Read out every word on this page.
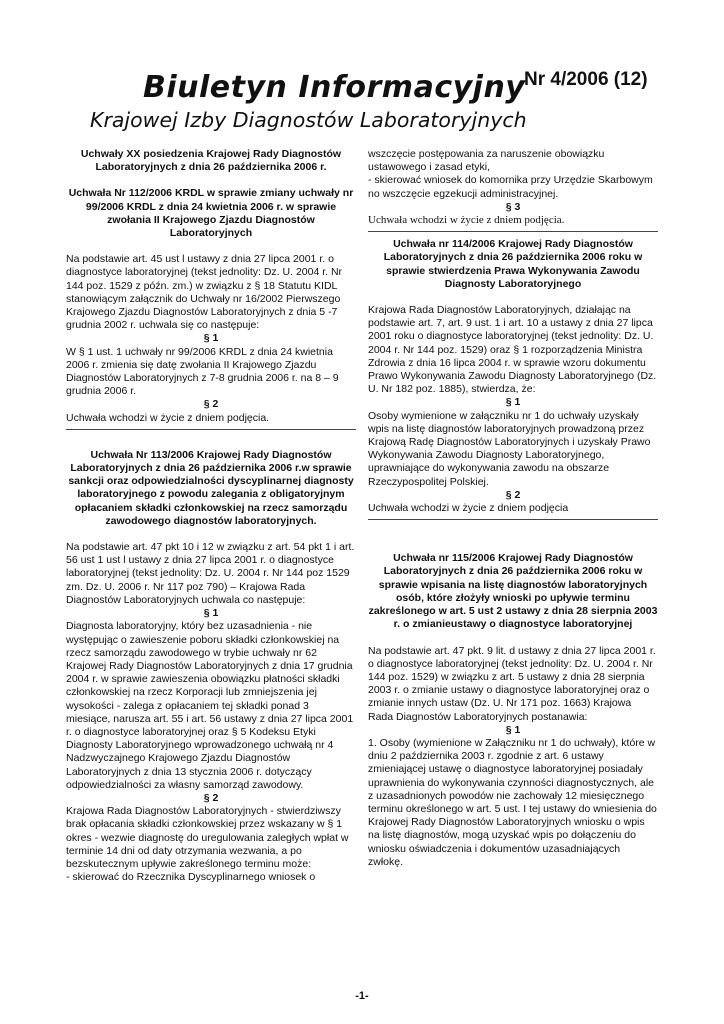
Biuletyn Informacyjny
Nr 4/2006 (12)
Krajowej Izby Diagnostów Laboratoryjnych

Uchwały XX posiedzenia Krajowej Rady Diagnostów Laboratoryjnych z dnia 26 października 2006 r.

Uchwała Nr 112/2006 KRDL w sprawie zmiany uchwały nr 99/2006 KRDL z dnia 24 kwietnia 2006 r. w sprawie zwołania II Krajowego Zjazdu Diagnostów Laboratoryjnych

Na podstawie art. 45 ust l ustawy z dnia 27 lipca 2001 r. o diagnostyce laboratoryjnej (tekst jednolity: Dz. U. 2004 r. Nr 144 poz. 1529 z późn. zm.) w związku z § 18 Statutu KIDL stanowiącym załącznik do Uchwały nr 16/2002 Pierwszego Krajowego Zjazdu Diagnostów Laboratoryjnych z dnia 5 -7 grudnia 2002 r. uchwala się co następuje:

§ 1

W § 1 ust. 1 uchwały nr 99/2006 KRDL z dnia 24 kwietnia 2006 r. zmienia się datę zwołania II Krajowego Zjazdu Diagnostów Laboratoryjnych z 7-8 grudnia 2006 r. na 8 – 9 grudnia 2006 r.

§ 2

Uchwała wchodzi w życie z dniem podjęcia.

Uchwała Nr 113/2006 Krajowej Rady Diagnostów Laboratoryjnych z dnia 26 października 2006 r.w sprawie sankcji oraz odpowiedzialności dyscyplinarnej diagnosty laboratoryjnego z powodu zalegania z obligatoryjnym opłacaniem składki członkowskiej na rzecz samorządu zawodowego diagnostów laboratoryjnych.

Na podstawie art. 47 pkt 10 i 12 w związku z art. 54 pkt 1 i art. 56 ust 1 ust l ustawy z dnia 27 lipca 2001 r. o diagnostyce laboratoryjnej (tekst jednolity: Dz. U. 2004 r. Nr 144 poz 1529 zm. Dz. U. 2006 r. Nr 117 poz 790) – Krajowa Rada Diagnostów Laboratoryjnych uchwala co następuje:

§ 1

Diagnosta laboratoryjny, który bez uzasadnienia - nie występując o zawieszenie poboru składki członkowskiej na rzecz samorządu zawodowego w trybie uchwały nr 62 Krajowej Rady Diagnostów Laboratoryjnych z dnia 17 grudnia 2004 r. w sprawie zawieszenia obowiązku płatności składki członkowskiej na rzecz Korporacji lub zmniejszenia jej wysokości - zalega z opłacaniem tej składki ponad 3 miesiące, narusza art. 55 i art. 56 ustawy z dnia 27 lipca 2001 r. o diagnostyce laboratoryjnej oraz § 5 Kodeksu Etyki Diagnosty Laboratoryjnego wprowadzonego uchwałą nr 4 Nadzwyczajnego Krajowego Zjazdu Diagnostów Laboratoryjnych z dnia 13 stycznia 2006 r. dotyczący odpowiedzialności za własny samorząd zawodowy.

§ 2

Krajowa Rada Diagnostów Laboratoryjnych - stwierdziwszy brak opłacania składki członkowskiej przez wskazany w § 1 okres - wezwie diagnostę do uregulowania zaległych wpłat w terminie 14 dni od daty otrzymania wezwania, a po bezskutecznym upływie zakreślonego terminu może:

- skierować do Rzecznika Dyscyplinarnego wniosek o

wszczęcie postępowania za naruszenie obowiązku ustawowego i zasad etyki,

- skierować wniosek do komornika przy Urzędzie Skarbowym no wszczęcie egzekucji administracyjnej.

§ 3

Uchwała wchodzi w życie z dniem podjęcia.

Uchwała nr 114/2006 Krajowej Rady Diagnostów Laboratoryjnych z dnia 26 października 2006 roku w sprawie stwierdzenia Prawa Wykonywania Zawodu Diagnosty Laboratoryjnego

Krajowa Rada Diagnostów Laboratoryjnych, działając na podstawie art. 7, art. 9 ust. 1 i art. 10 a ustawy z dnia 27 lipca 2001 roku o diagnostyce laboratoryjnej (tekst jednolity: Dz. U. 2004 r. Nr 144 poz. 1529) oraz § 1 rozporządzenia Ministra Zdrowia z dnia 16 lipca 2004 r. w sprawie wzoru dokumentu Prawo Wykonywania Zawodu Diagnosty Laboratoryjnego (Dz. U. Nr 182 poz. 1885), stwierdza, że:

§ 1

Osoby wymienione w załączniku nr 1 do uchwały uzyskały wpis na listę diagnostów laboratoryjnych prowadzoną przez Krajową Radę Diagnostów Laboratoryjnych i uzyskały Prawo Wykonywania Zawodu Diagnosty Laboratoryjnego, uprawniające do wykonywania zawodu na obszarze Rzeczypospolitej Polskiej.

§ 2

Uchwała wchodzi w życie z dniem podjęcia

Uchwała nr 115/2006 Krajowej Rady Diagnostów Laboratoryjnych z dnia 26 października 2006 roku w sprawie wpisania na listę diagnostów laboratoryjnych osób, które złożyły wnioski po upływie terminu zakreślonego w art. 5 ust 2 ustawy z dnia 28 sierpnia 2003 r. o zmianieustawy o diagnostyce laboratoryjnej

Na podstawie art. 47 pkt. 9 lit. d ustawy z dnia 27 lipca 2001 r. o diagnostyce laboratoryjnej (tekst jednolity: Dz. U. 2004 r. Nr 144 poz. 1529) w związku z art. 5 ustawy z dnia 28 sierpnia 2003 r. o zmianie ustawy o diagnostyce laboratoryjnej oraz o zmianie innych ustaw (Dz. U. Nr 171 poz. 1663) Krajowa Rada Diagnostów Laboratoryjnych postanawia:

§ 1

1. Osoby (wymienione w Załączniku nr 1 do uchwały), które w dniu 2 października 2003 r. zgodnie z art. 6 ustawy zmieniającej ustawę o diagnostyce laboratoryjnej posiadały uprawnienia do wykonywania czynności diagnostycznych, ale z uzasadnionych powodów nie zachowały 12 miesięcznego terminu określonego w art. 5 ust. I tej ustawy do wniesienia do Krajowej Rady Diagnostów Laboratoryjnych wniosku o wpis na listę diagnostów, mogą uzyskać wpis po dołączeniu do wniosku oświadczenia i dokumentów uzasadniających zwłokę.

-1-
